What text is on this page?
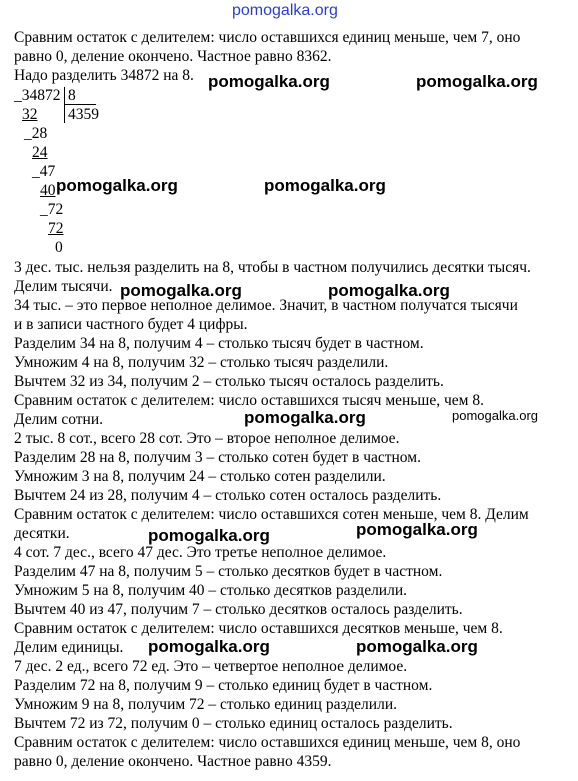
pomogalka.org
pomogalka.org	pomogalka.org
pomogalka.org	pomogalka.org
pomogalka.org	pomogalka.org
pomogalka.org	pomogalka.org
pomogalka.org	pomogalka.org
pomogalka.org	pomogalka.org
Сравним остаток с делителем: число оставшихся единиц меньше, чем 7, оно
равно 0, деление окончено. Частное равно 8362.
Надо разделить 34872 на 8.
_34872 8
4359
32
_28
24
_47
40
_72
72
0
3 дес. тыс. нельзя разделить на 8, чтобы в частном получились десятки тысяч.
Делим тысячи.
34 тыс. – это первое неполное делимое. Значит, в частном получатся тысячи
и в записи частного будет 4 цифры.
Разделим 34 на 8, получим 4 – столько тысяч будет в частном.
Умножим 4 на 8, получим 32 – столько тысяч разделили.
Вычтем 32 из 34, получим 2 – столько тысяч осталось разделить.
Сравним остаток с делителем: число оставшихся тысяч меньше, чем 8.
Делим сотни.
2 тыс. 8 сот., всего 28 сот. Это – второе неполное делимое.
Разделим 28 на 8, получим 3 – столько сотен будет в частном.
Умножим 3 на 8, получим 24 – столько сотен разделили.
Вычтем 24 из 28, получим 4 – столько сотен осталось разделить.
Сравним остаток с делителем: число оставшихся сотен меньше, чем 8. Делим
десятки.
4 сот. 7 дес., всего 47 дес. Это третье неполное делимое.
Разделим 47 на 8, получим 5 – столько десятков будет в частном.
Умножим 5 на 8, получим 40 – столько десятков разделили.
Вычтем 40 из 47, получим 7 – столько десятков осталось разделить.
Сравним остаток с делителем: число оставшихся десятков меньше, чем 8.
Делим единицы.
7 дес. 2 ед., всего 72 ед. Это – четвертое неполное делимое.
Разделим 72 на 8, получим 9 – столько единиц будет в частном.
Умножим 9 на 8, получим 72 – столько единиц разделили.
Вычтем 72 из 72, получим 0 – столько единиц осталось разделить.
Сравним остаток с делителем: число оставшихся единиц меньше, чем 8, оно
равно 0, деление окончено. Частное равно 4359.
